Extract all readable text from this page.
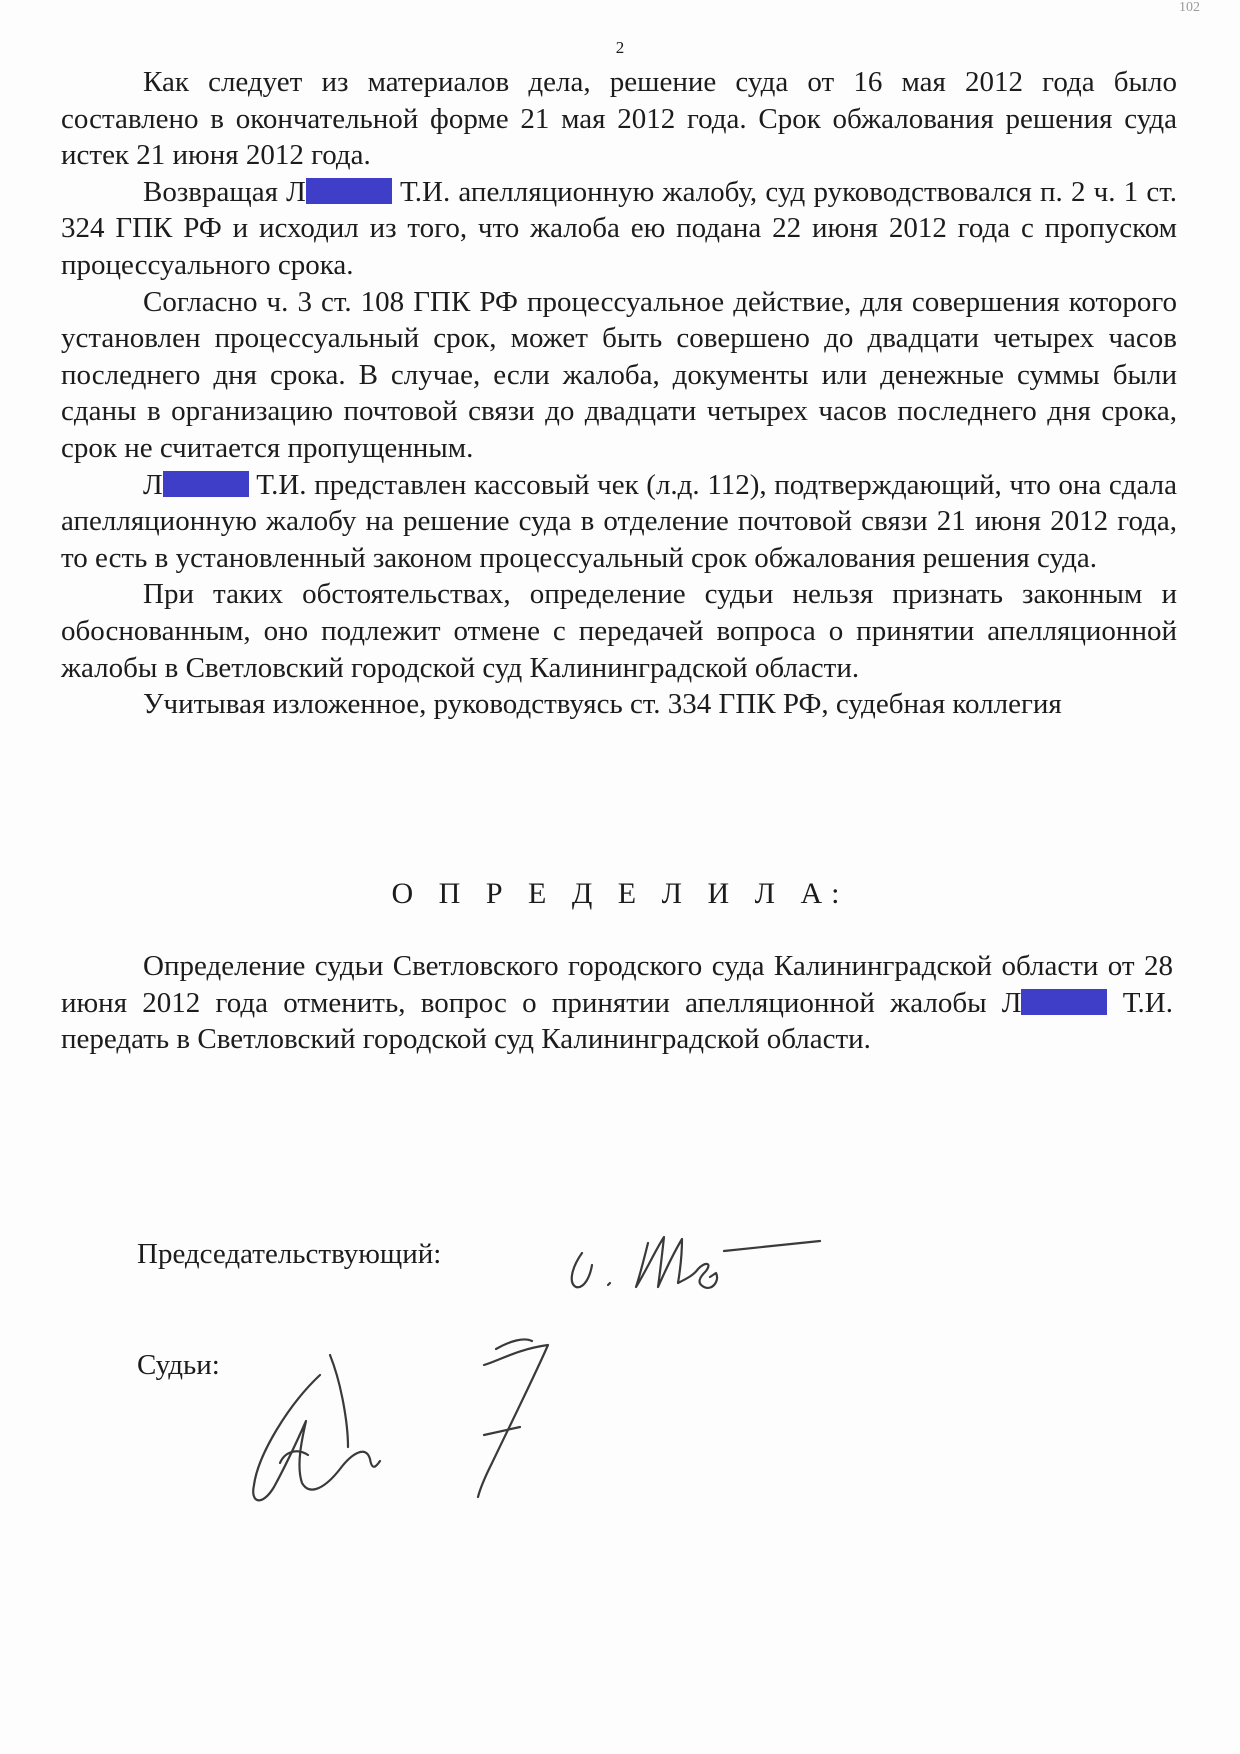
2
102

Как следует из материалов дела, решение суда от 16 мая 2012 года было составлено в окончательной форме 21 мая 2012 года. Срок обжалования решения суда истек 21 июня 2012 года.

Возвращая Л	Т.И. апелляционную жалобу, суд руководствовался п. 2 ч. 1 ст. 324 ГПК РФ и исходил из того, что жалоба ею подана 22 июня 2012 года с пропуском процессуального срока.

Согласно ч. 3 ст. 108 ГПК РФ процессуальное действие, для совершения которого установлен процессуальный срок, может быть совершено до двадцати четырех часов последнего дня срока. В случае, если жалоба, документы или денежные суммы были сданы в организацию почтовой связи до двадцати четырех часов последнего дня срока, срок не считается пропущенным.

Л	Т.И. представлен кассовый чек (л.д. 112), подтверждающий, что она сдала апелляционную жалобу на решение суда в отделение почтовой связи 21 июня 2012 года, то есть в установленный законом процессуальный срок обжалования решения суда.

При таких обстоятельствах, определение судьи нельзя признать законным и обоснованным, оно подлежит отмене с передачей вопроса о принятии апелляционной жалобы в Светловский городской суд Калининградской области.

Учитывая изложенное, руководствуясь ст. 334 ГПК РФ, судебная коллегия

О П Р Е Д Е Л И Л А:

Определение судьи Светловского городского суда Калининградской области от 28 июня 2012 года отменить, вопрос о принятии апелляционной жалобы Л	Т.И. передать в Светловский городской суд Калининградской области.

Председательствующий:
Судьи:
